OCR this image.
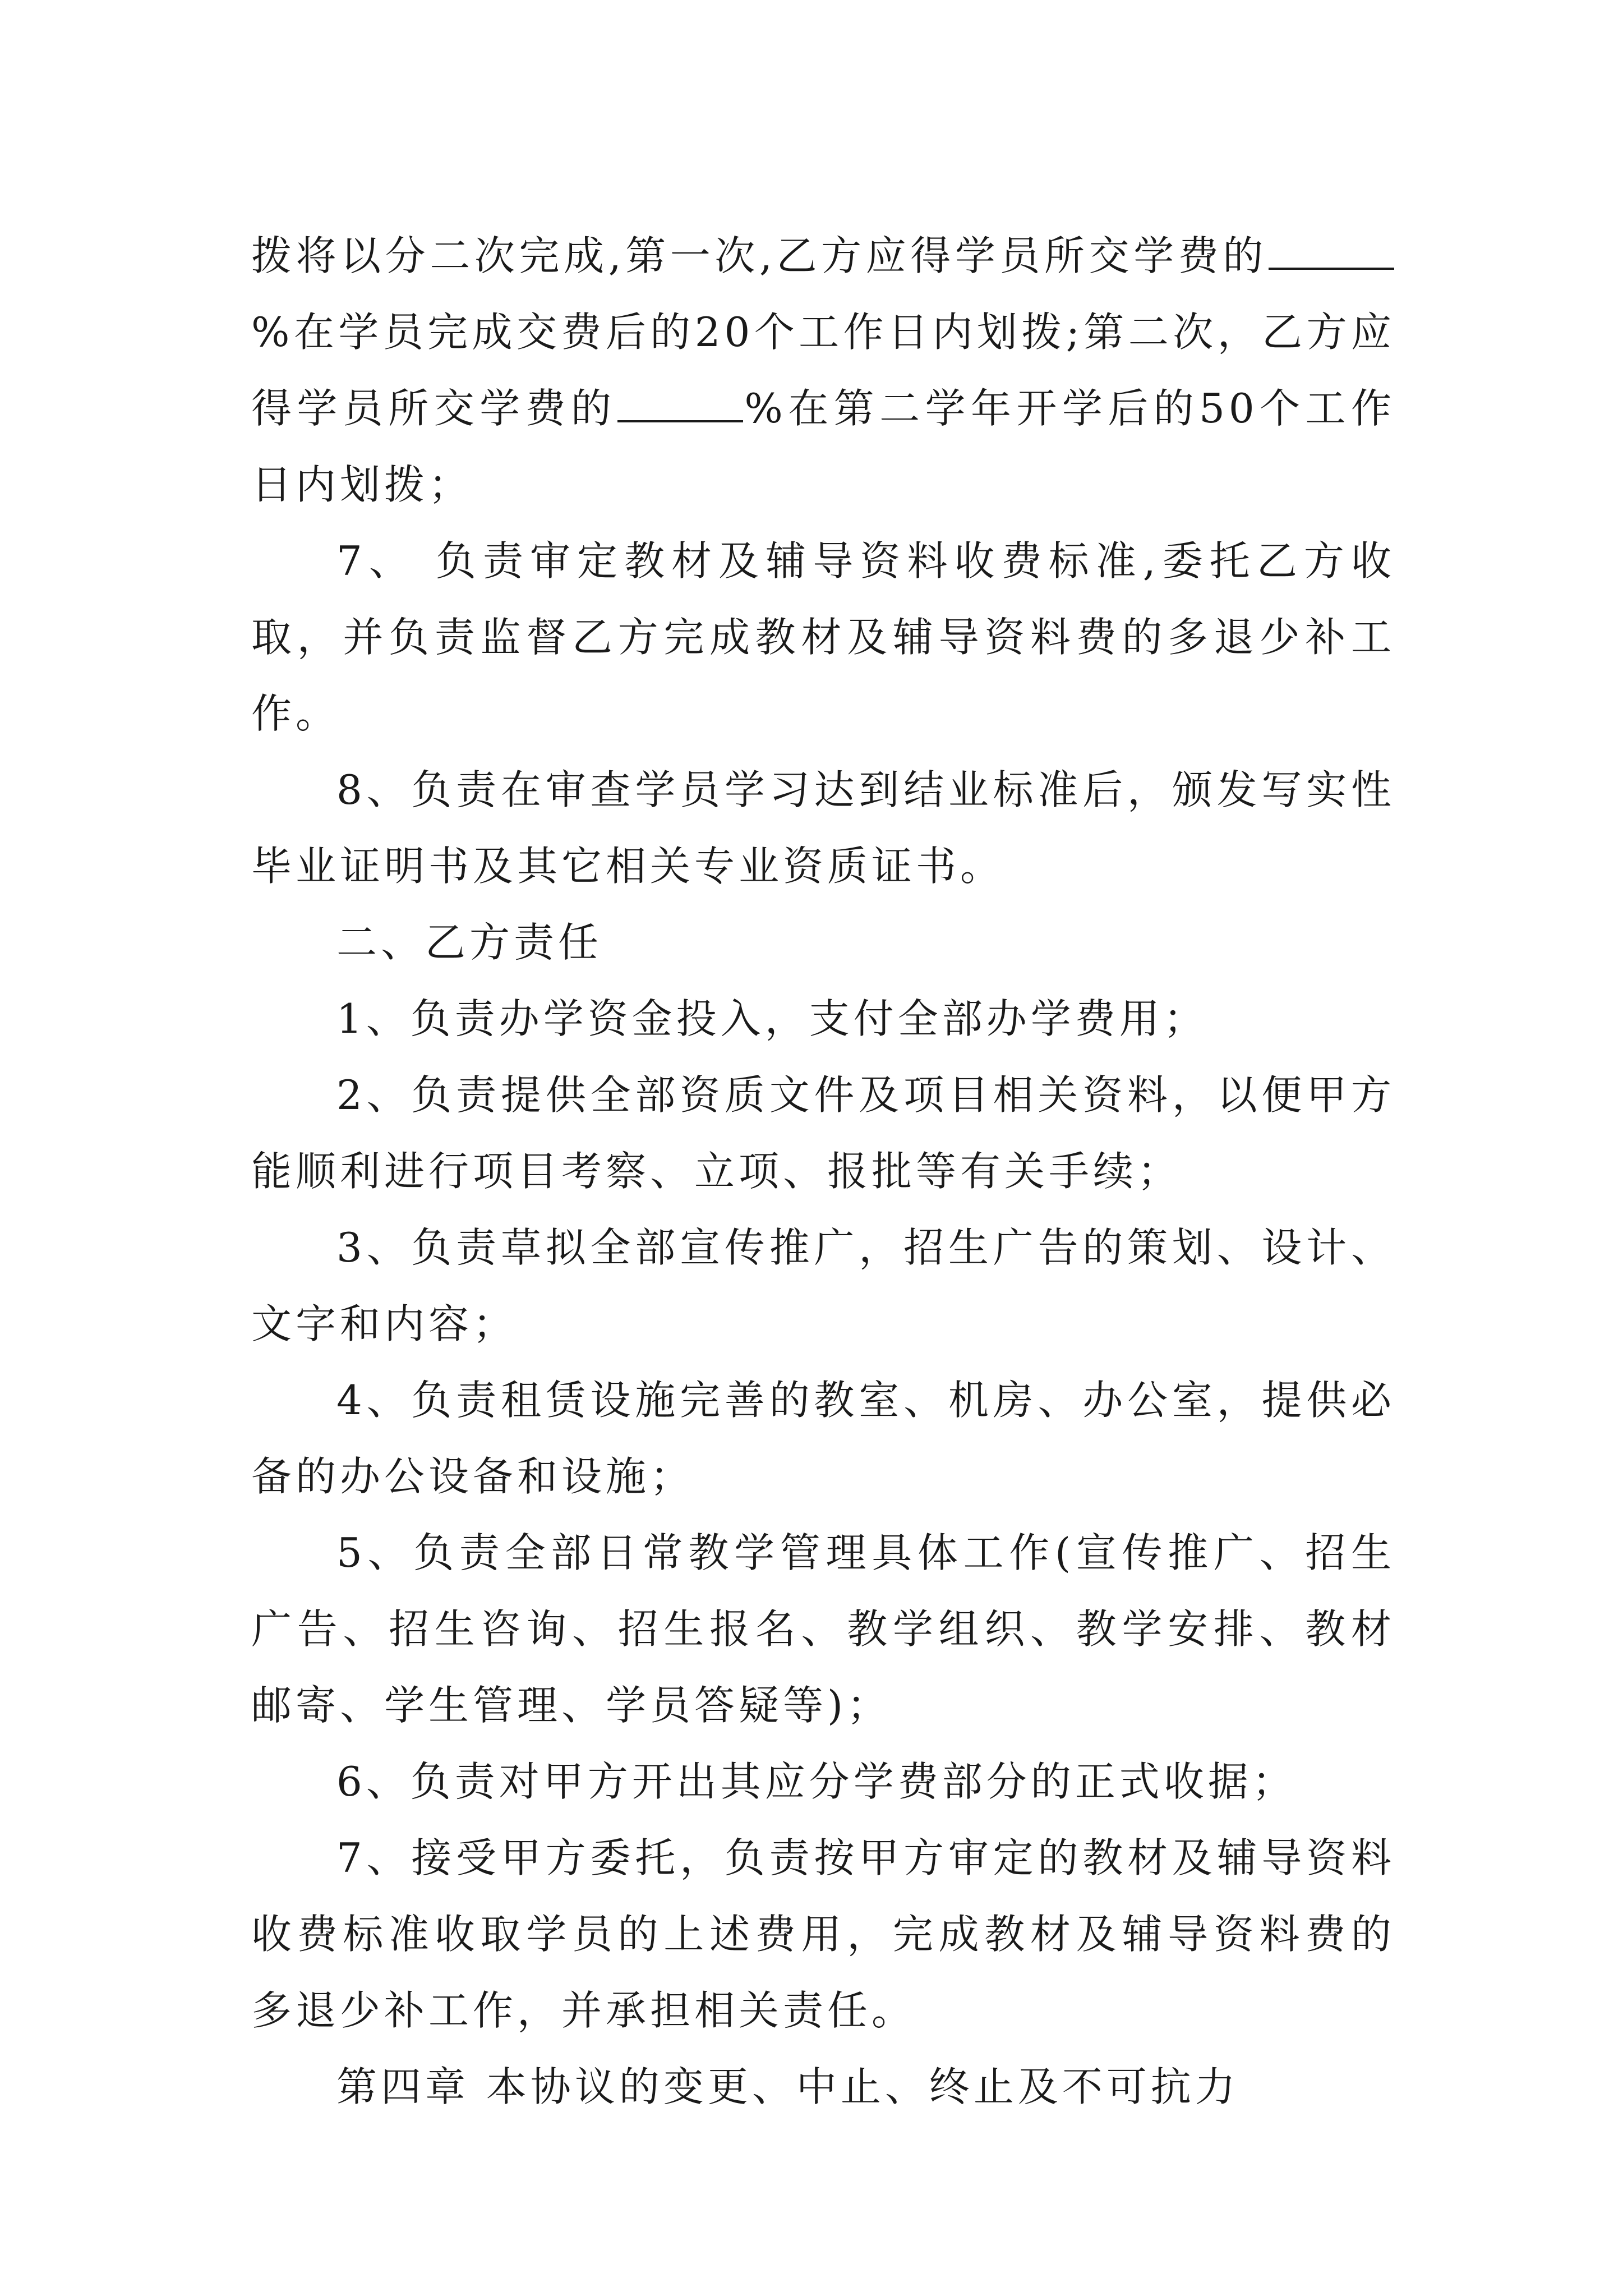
拨将以分二次完成,第一次,乙方应得学员所交学费的%在学员完成交费后的20个工作日内划拨;第二次，乙方应得学员所交学费的	%在第二学年开学后的50个工作日内划拨；

7、 负责审定教材及辅导资料收费标准,委托乙方收取，并负责监督乙方完成教材及辅导资料费的多退少补工作。

8、负责在审查学员学习达到结业标准后，颁发写实性毕业证明书及其它相关专业资质证书。

二、乙方责任

1、负责办学资金投入，支付全部办学费用；

2、负责提供全部资质文件及项目相关资料，以便甲方能顺利进行项目考察、立项、报批等有关手续；

3、负责草拟全部宣传推广，招生广告的策划、设计、文字和内容；

4、负责租赁设施完善的教室、机房、办公室，提供必备的办公设备和设施；

5、负责全部日常教学管理具体工作(宣传推广、招生广告、招生咨询、招生报名、教学组织、教学安排、教材邮寄、学生管理、学员答疑等)；

6、负责对甲方开出其应分学费部分的正式收据；

7、接受甲方委托，负责按甲方审定的教材及辅导资料收费标准收取学员的上述费用，完成教材及辅导资料费的多退少补工作，并承担相关责任。

第四章 本协议的变更、中止、终止及不可抗力
